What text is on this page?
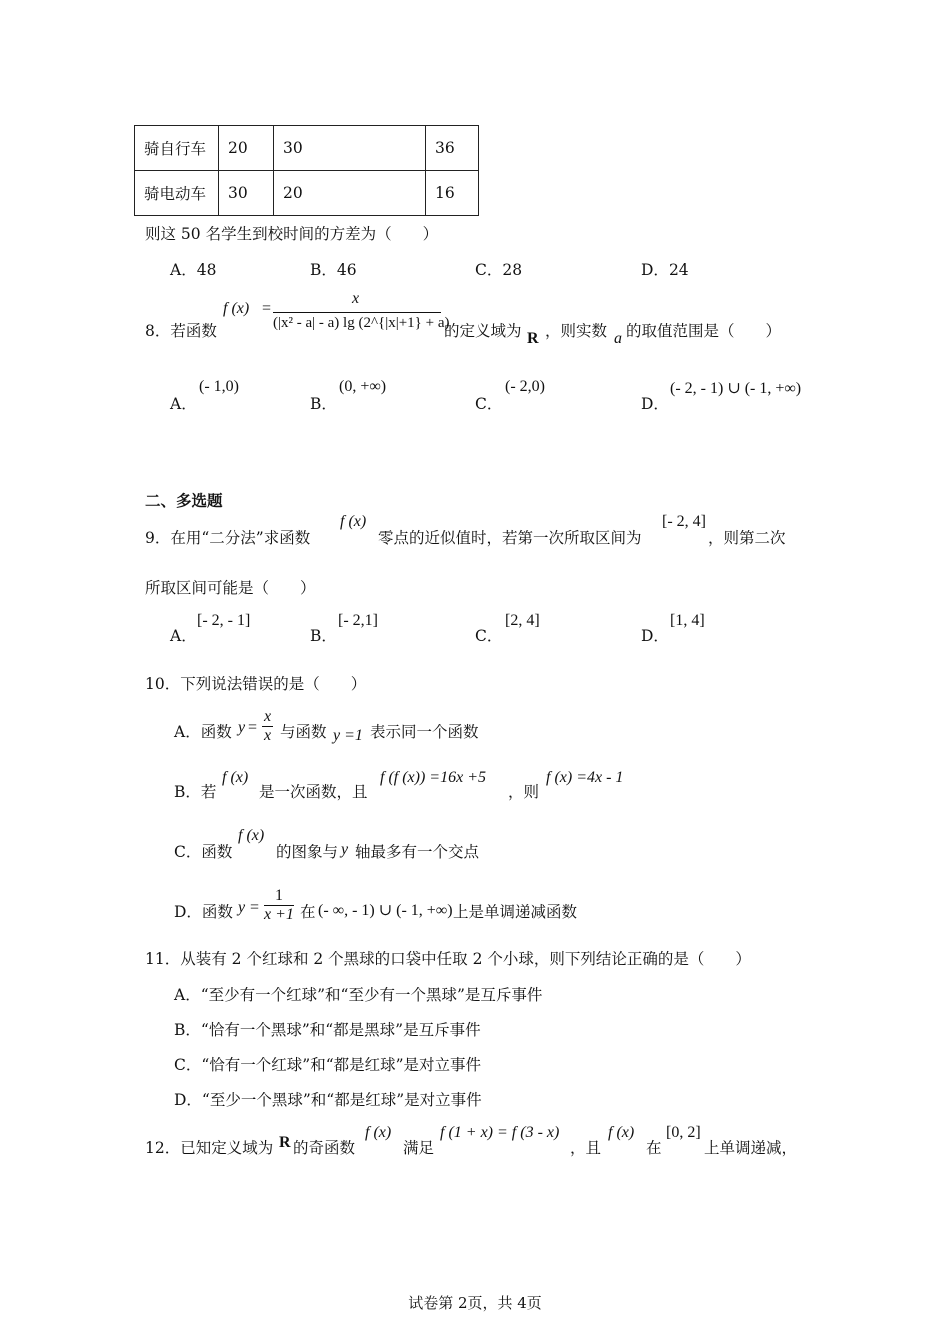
骑自行车	20	30	36
骑电动车	30	20	16
则这 50 名学生到校时间的方差为（　　）
A．48	B．46	C．28	D．24
8．若函数
f (x) =
x
(|x² - a| - a) lg (2^{|x|+1} + a)
的定义域为 R ，则实数 a 的取值范围是（　　）
A．
(- 1,0)
B．
(0, +∞)
C．
(- 2,0)
D．
(- 2, - 1) ∪ (- 1, +∞)
二、多选题
9．在用“二分法”求函数
f (x)
零点的近似值时，若第一次所取区间为
[- 2, 4]
，则第二次
所取区间可能是（　　）
A．
[- 2, - 1]
B．
[- 2,1]
C．
[2, 4]
D．
[1, 4]
10．下列说法错误的是（　　）
A．函数 $y = \frac{x}{x}$ 与函数 y =1 表示同一个函数
B．若
f (x)
是一次函数，且
f (f (x)) =16x +5
，则
f (x) =4x - 1
C．函数
f (x)
的图象与 y 轴最多有一个交点
D．函数 $y = \frac{1}{x +1}$ 在 (- ∞, - 1) ∪ (- 1, +∞) 上是单调递减函数
11．从装有 2 个红球和 2 个黑球的口袋中任取 2 个小球，则下列结论正确的是（　　）
A．“至少有一个红球”和“至少有一个黑球”是互斥事件
B．“恰有一个黑球”和“都是黑球”是互斥事件
C．“恰有一个红球”和“都是红球”是对立事件
D．“至少一个黑球”和“都是红球”是对立事件
12．已知定义域为 R 的奇函数
f (x)
满足
f (1 + x) = f (3 - x)
，且
f (x)
在
[0, 2]
上单调递减，
试卷第 2页，共 4页
